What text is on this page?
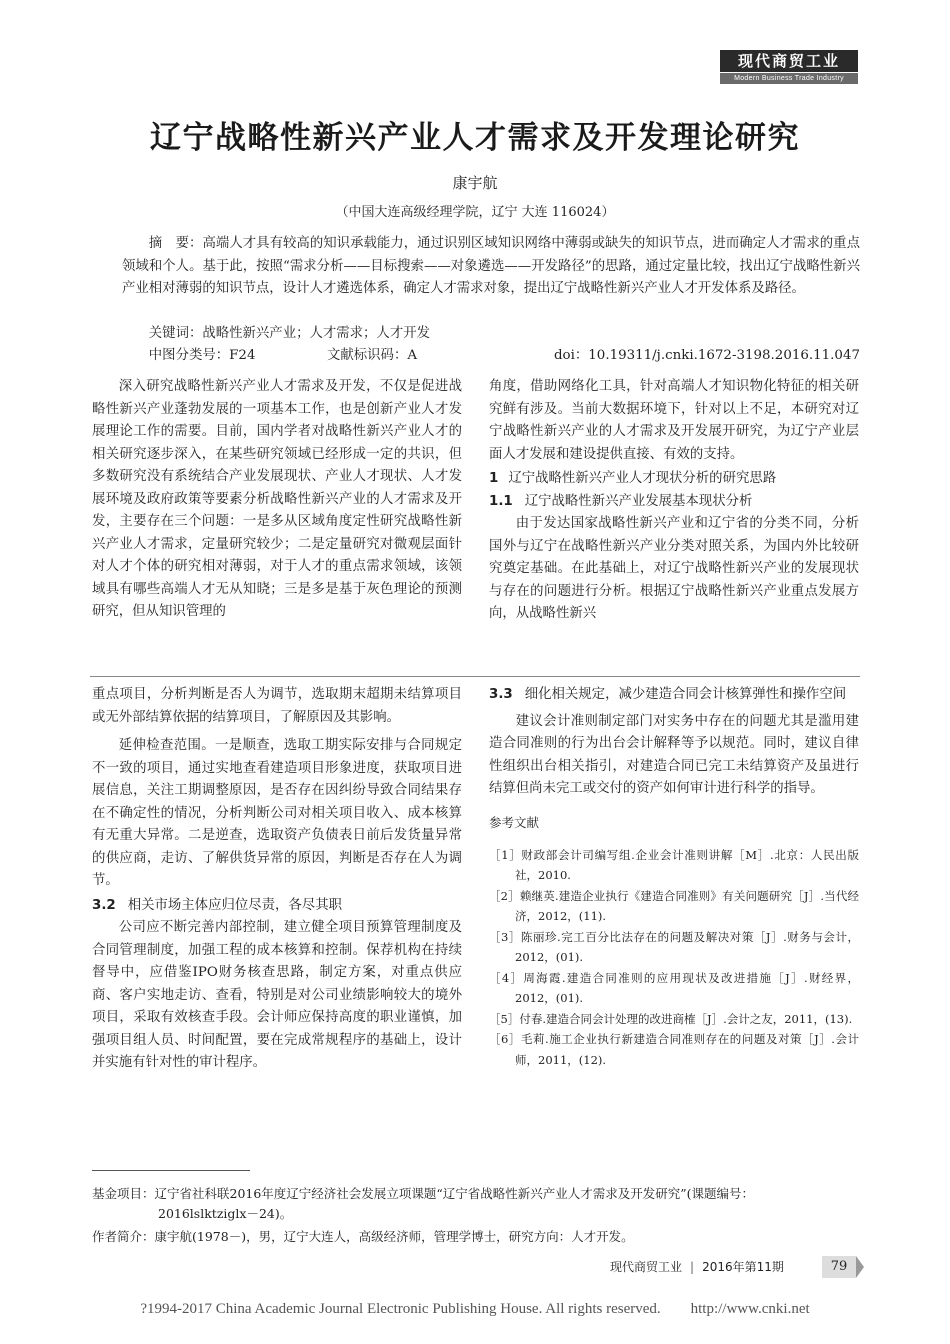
现代商贸工业
Modern Business Trade Industry
辽宁战略性新兴产业人才需求及开发理论研究
康宇航
（中国大连高级经理学院，辽宁 大连 116024）
摘　要：高端人才具有较高的知识承载能力，通过识别区域知识网络中薄弱或缺失的知识节点，进而确定人才需求的重点领域和个人。基于此，按照“需求分析——目标搜索——对象遴选——开发路径”的思路，通过定量比较，找出辽宁战略性新兴产业相对薄弱的知识节点，设计人才遴选体系，确定人才需求对象，提出辽宁战略性新兴产业人才开发体系及路径。
关键词：战略性新兴产业；人才需求；人才开发
中图分类号：F24	文献标识码：A	doi：10.19311/j.cnki.1672-3198.2016.11.047
深入研究战略性新兴产业人才需求及开发，不仅是促进战略性新兴产业蓬勃发展的一项基本工作，也是创新产业人才发展理论工作的需要。目前，国内学者对战略性新兴产业人才的相关研究逐步深入，在某些研究领域已经形成一定的共识，但多数研究没有系统结合产业发展现状、产业人才现状、人才发展环境及政府政策等要素分析战略性新兴产业的人才需求及开发，主要存在三个问题：一是多从区域角度定性研究战略性新兴产业人才需求，定量研究较少；二是定量研究对微观层面针对人才个体的研究相对薄弱，对于人才的重点需求领域，该领域具有哪些高端人才无从知晓；三是多是基于灰色理论的预测研究，但从知识管理的
角度，借助网络化工具，针对高端人才知识物化特征的相关研究鲜有涉及。当前大数据环境下，针对以上不足，本研究对辽宁战略性新兴产业的人才需求及开发展开研究，为辽宁产业层面人才发展和建设提供直接、有效的支持。
1 辽宁战略性新兴产业人才现状分析的研究思路
1.1 辽宁战略性新兴产业发展基本现状分析
由于发达国家战略性新兴产业和辽宁省的分类不同，分析国外与辽宁在战略性新兴产业分类对照关系，为国内外比较研究奠定基础。在此基础上，对辽宁战略性新兴产业的发展现状与存在的问题进行分析。根据辽宁战略性新兴产业重点发展方向，从战略性新兴
重点项目，分析判断是否人为调节，选取期末超期未结算项目或无外部结算依据的结算项目，了解原因及其影响。
延伸检查范围。一是顺查，选取工期实际安排与合同规定不一致的项目，通过实地查看建造项目形象进度，获取项目进展信息，关注工期调整原因，是否存在因纠纷导致合同结果存在不确定性的情况，分析判断公司对相关项目收入、成本核算有无重大异常。二是逆查，选取资产负债表日前后发货量异常的供应商，走访、了解供货异常的原因，判断是否存在人为调节。
3.2 相关市场主体应归位尽责，各尽其职
公司应不断完善内部控制，建立健全项目预算管理制度及合同管理制度，加强工程的成本核算和控制。保荐机构在持续督导中，应借鉴IPO财务核查思路，制定方案，对重点供应商、客户实地走访、查看，特别是对公司业绩影响较大的境外项目，采取有效核查手段。会计师应保持高度的职业谨慎，加强项目组人员、时间配置，要在完成常规程序的基础上，设计并实施有针对性的审计程序。
3.3 细化相关规定，减少建造合同会计核算弹性和操作空间
建议会计准则制定部门对实务中存在的问题尤其是滥用建造合同准则的行为出台会计解释等予以规范。同时，建议自律性组织出台相关指引，对建造合同已完工未结算资产及虽进行结算但尚未完工或交付的资产如何审计进行科学的指导。
参考文献
［1］财政部会计司编写组.企业会计准则讲解［M］.北京：人民出版社，2010.
［2］赖继英.建造企业执行《建造合同准则》有关问题研究［J］.当代经济，2012，(11).
［3］陈丽珍.完工百分比法存在的问题及解决对策［J］.财务与会计，2012，(01).
［4］周海霞.建造合同准则的应用现状及改进措施［J］.财经界，2012，(01).
［5］付春.建造合同会计处理的改进商榷［J］.会计之友，2011，(13).
［6］毛莉.施工企业执行新建造合同准则存在的问题及对策［J］.会计师，2011，(12).
基金项目：辽宁省社科联2016年度辽宁经济社会发展立项课题“辽宁省战略性新兴产业人才需求及开发研究”(课题编号：
2016lslktziglx－24)。
作者简介：康宇航(1978－)，男，辽宁大连人，高级经济师，管理学博士，研究方向：人才开发。
现代商贸工业 | 2016年第11期	79
?1994-2017 China Academic Journal Electronic Publishing House. All rights reserved.　　http://www.cnki.net
